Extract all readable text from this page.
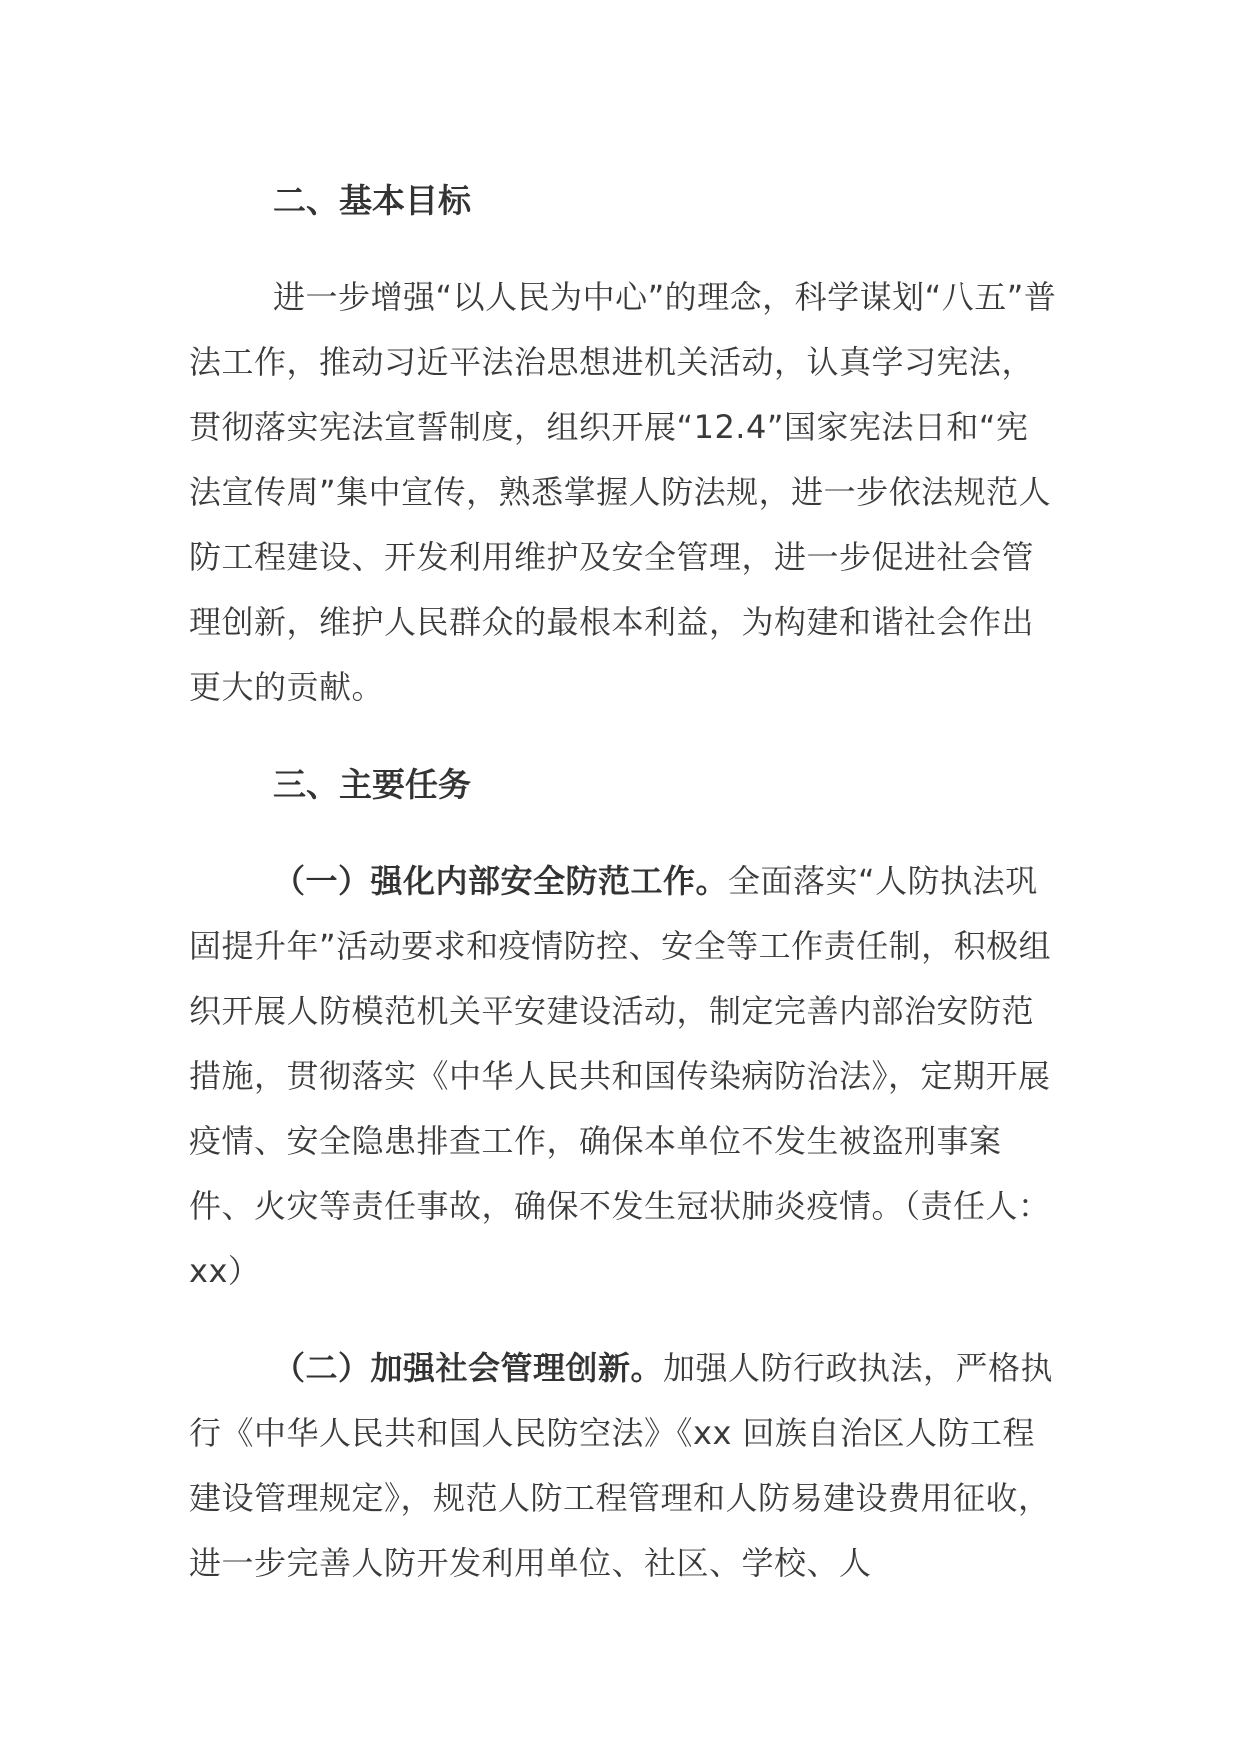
二、基本目标

进一步增强“以人民为中心”的理念，科学谋划“八五”普法工作，推动习近平法治思想进机关活动，认真学习宪法，贯彻落实宪法宣誓制度，组织开展“12.4”国家宪法日和“宪法宣传周”集中宣传，熟悉掌握人防法规，进一步依法规范人防工程建设、开发利用维护及安全管理，进一步促进社会管理创新，维护人民群众的最根本利益，为构建和谐社会作出更大的贡献。

三、主要任务

（一）强化内部安全防范工作。全面落实“人防执法巩固提升年”活动要求和疫情防控、安全等工作责任制，积极组织开展人防模范机关平安建设活动，制定完善内部治安防范措施，贯彻落实《中华人民共和国传染病防治法》，定期开展疫情、安全隐患排查工作，确保本单位不发生被盗刑事案件、火灾等责任事故，确保不发生冠状肺炎疫情。（责任人：xx）

（二）加强社会管理创新。加强人防行政执法，严格执行《中华人民共和国人民防空法》《xx 回族自治区人防工程建设管理规定》，规范人防工程管理和人防易建设费用征收，进一步完善人防开发利用单位、社区、学校、人
